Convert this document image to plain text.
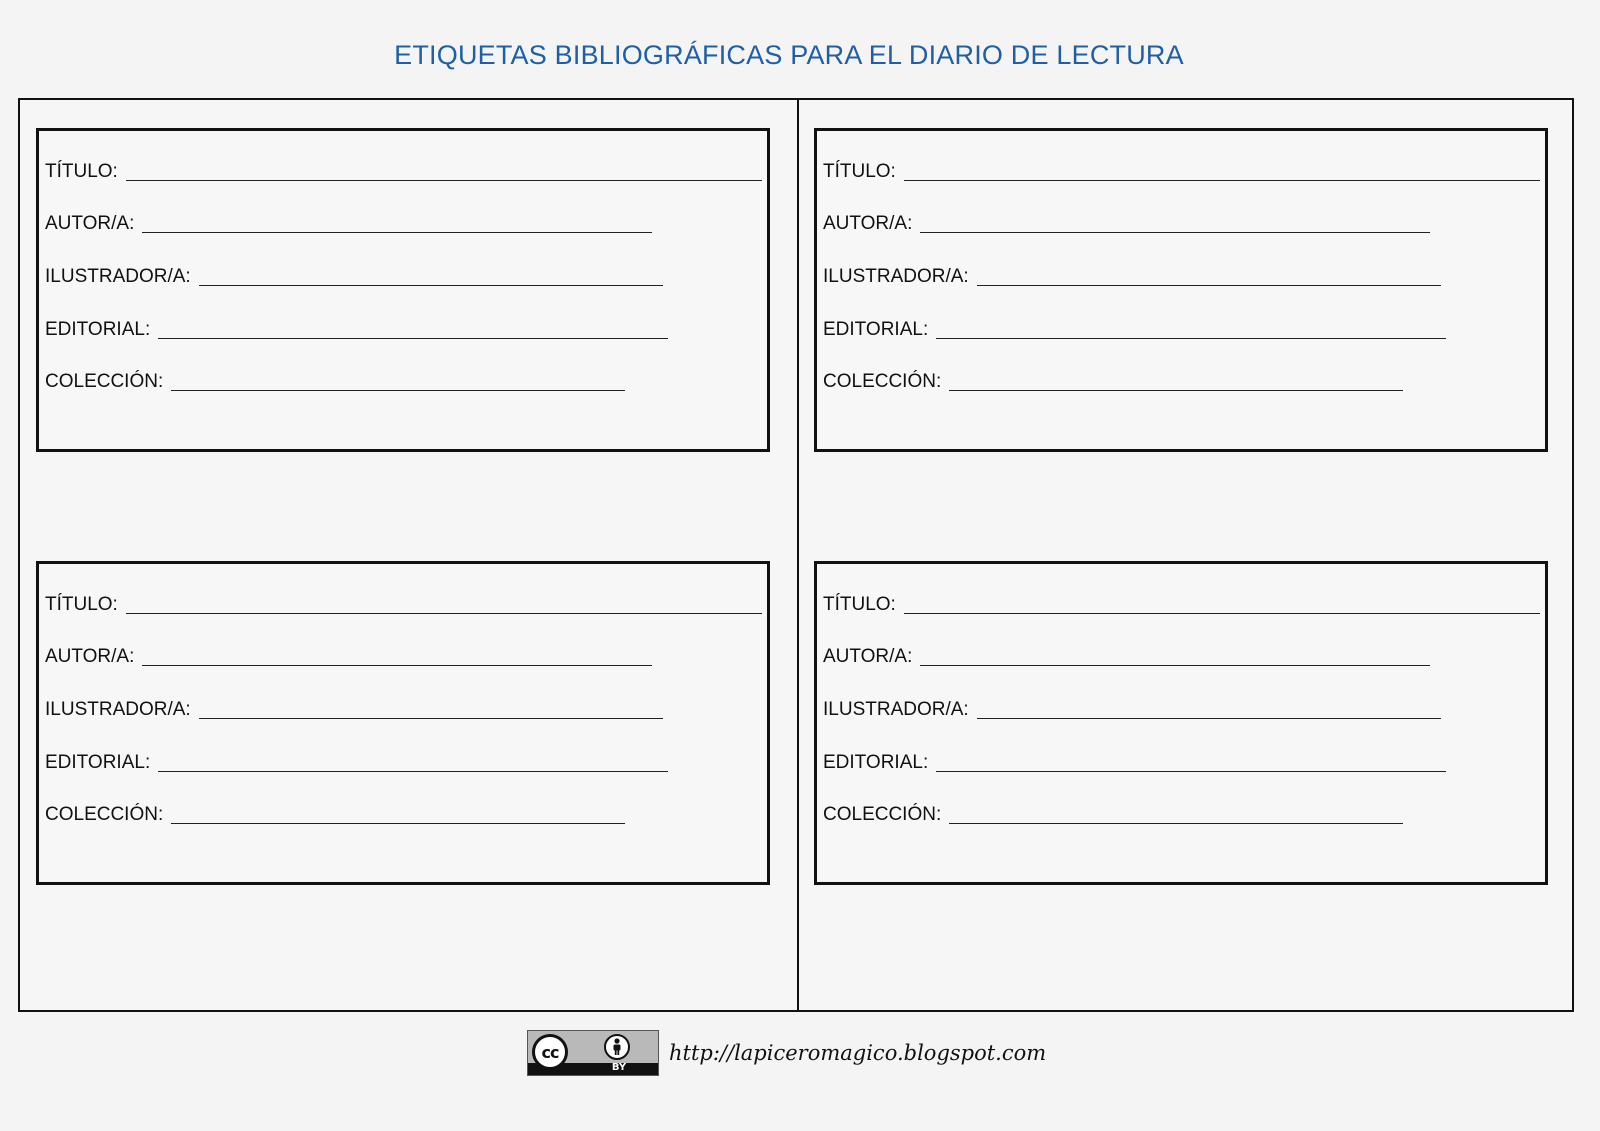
ETIQUETAS BIBLIOGRÁFICAS PARA EL DIARIO DE LECTURA
TÍTULO:
AUTOR/A:
ILUSTRADOR/A:
EDITORIAL:
COLECCIÓN:
TÍTULO:
AUTOR/A:
ILUSTRADOR/A:
EDITORIAL:
COLECCIÓN:
TÍTULO:
AUTOR/A:
ILUSTRADOR/A:
EDITORIAL:
COLECCIÓN:
TÍTULO:
AUTOR/A:
ILUSTRADOR/A:
EDITORIAL:
COLECCIÓN:
cc
BY
http://lapiceromagico.blogspot.com
